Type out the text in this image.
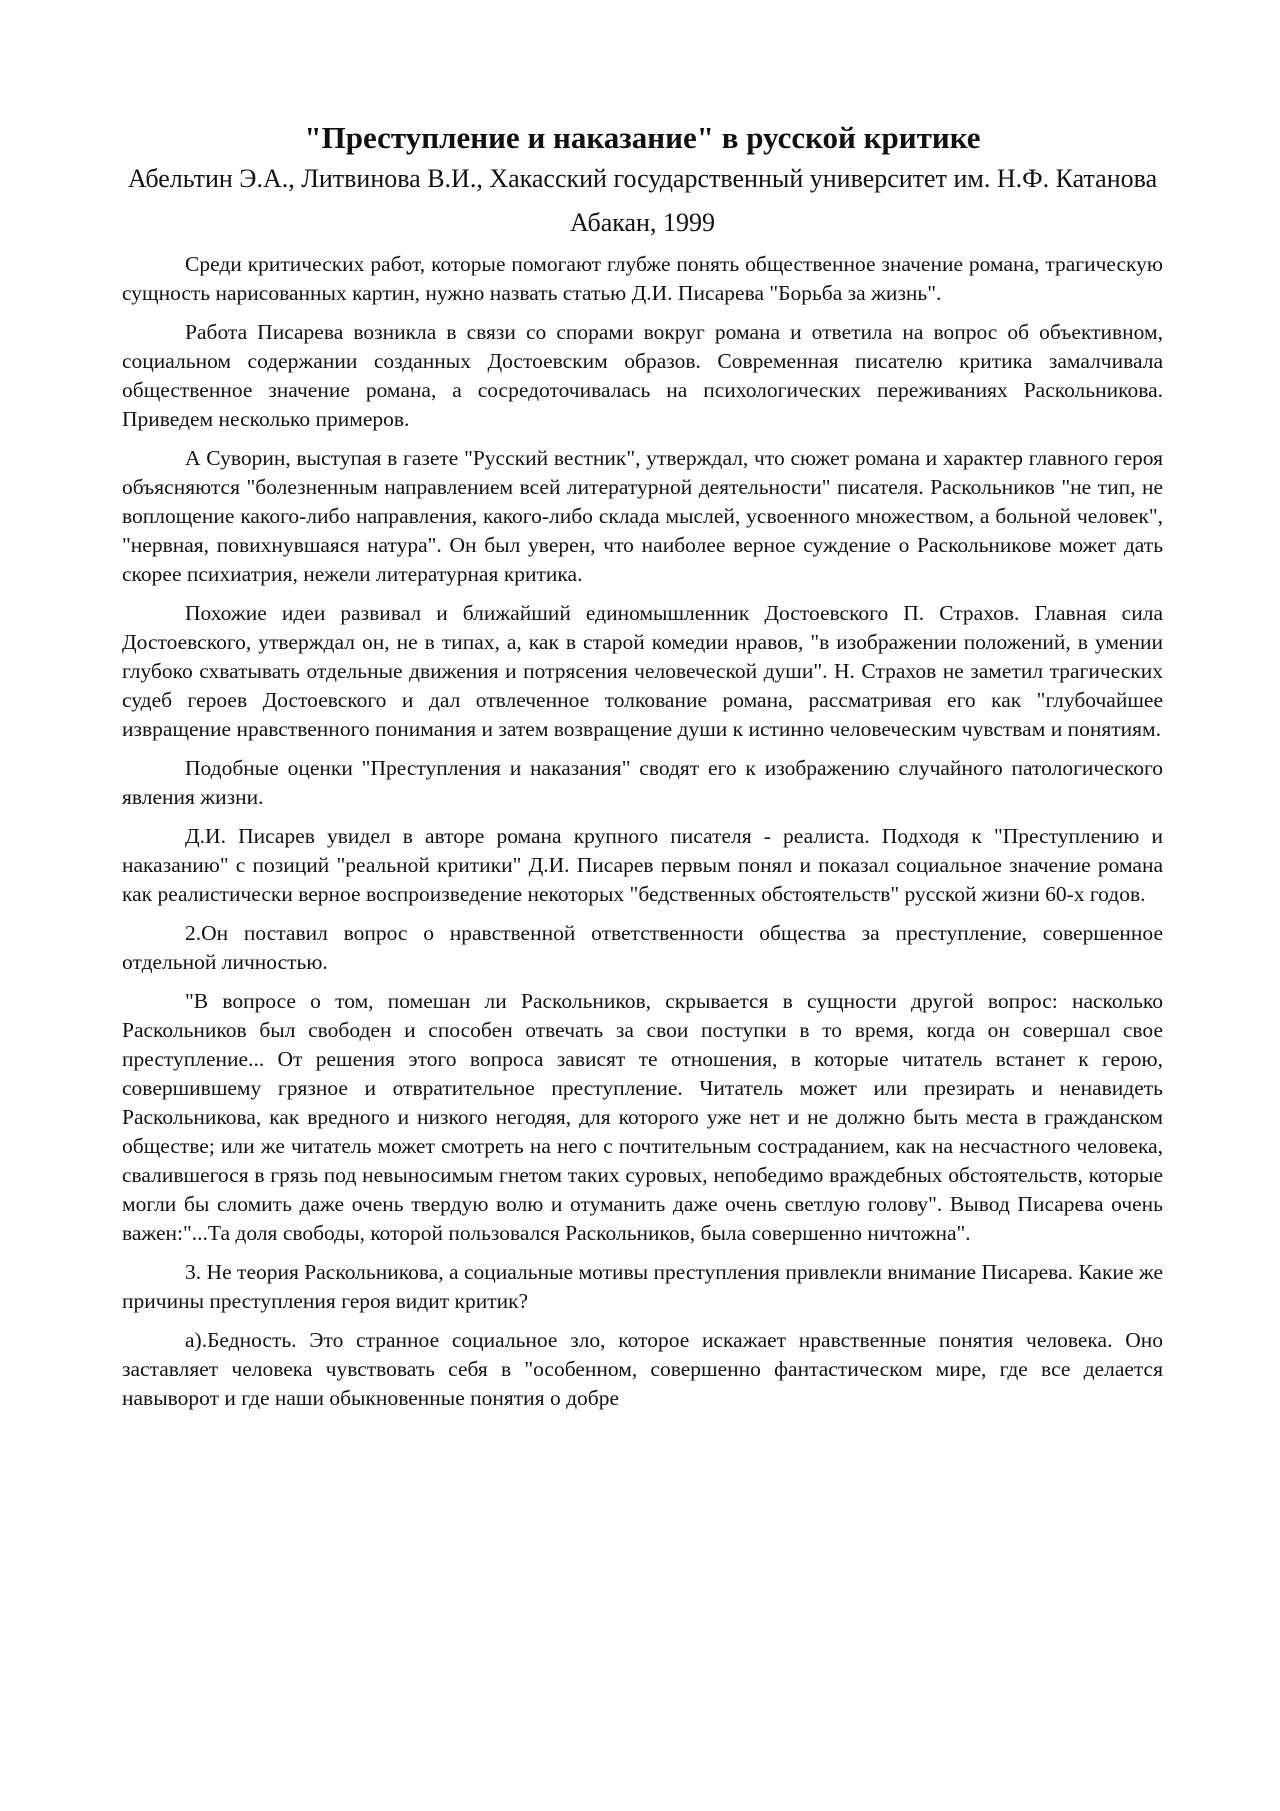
"Преступление и наказание" в русской критике
Абельтин Э.А., Литвинова В.И., Хакасский государственный университет им. Н.Ф. Катанова
Абакан, 1999

Среди критических работ, которые помогают глубже понять общественное значение романа, трагическую сущность нарисованных картин, нужно назвать статью Д.И. Писарева "Борьба за жизнь".

Работа Писарева возникла в связи со спорами вокруг романа и ответила на вопрос об объективном, социальном содержании созданных Достоевским образов. Современная писателю критика замалчивала общественное значение романа, а сосредоточивалась на психологических переживаниях Раскольникова. Приведем несколько примеров.

А Суворин, выступая в газете "Русский вестник", утверждал, что сюжет романа и характер главного героя объясняются "болезненным направлением всей литературной деятельности" писателя. Раскольников "не тип, не воплощение какого-либо направления, какого-либо склада мыслей, усвоенного множеством, а больной человек", "нервная, повихнувшаяся натура". Он был уверен, что наиболее верное суждение о Раскольникове может дать скорее психиатрия, нежели литературная критика.

Похожие идеи развивал и ближайший единомышленник Достоевского П. Страхов. Главная сила Достоевского, утверждал он, не в типах, а, как в старой комедии нравов, "в изображении положений, в умении глубоко схватывать отдельные движения и потрясения человеческой души". Н. Страхов не заметил трагических судеб героев Достоевского и дал отвлеченное толкование романа, рассматривая его как "глубочайшее извращение нравственного понимания и затем возвращение души к истинно человеческим чувствам и понятиям.

Подобные оценки "Преступления и наказания" сводят его к изображению случайного патологического явления жизни.

Д.И. Писарев увидел в авторе романа крупного писателя - реалиста. Подходя к "Преступлению и наказанию" с позиций "реальной критики" Д.И. Писарев первым понял и показал социальное значение романа как реалистически верное воспроизведение некоторых "бедственных обстоятельств" русской жизни 60-х годов.

2.Он поставил вопрос о нравственной ответственности общества за преступление, совершенное отдельной личностью.

"В вопросе о том, помешан ли Раскольников, скрывается в сущности другой вопрос: насколько Раскольников был свободен и способен отвечать за свои поступки в то время, когда он совершал свое преступление... От решения этого вопроса зависят те отношения, в которые читатель встанет к герою, совершившему грязное и отвратительное преступление. Читатель может или презирать и ненавидеть Раскольникова, как вредного и низкого негодяя, для которого уже нет и не должно быть места в гражданском обществе; или же читатель может смотреть на него с почтительным состраданием, как на несчастного человека, свалившегося в грязь под невыносимым гнетом таких суровых, непобедимо враждебных обстоятельств, которые могли бы сломить даже очень твердую волю и отуманить даже очень светлую голову". Вывод Писарева очень важен:"...Та доля свободы, которой пользовался Раскольников, была совершенно ничтожна".

3. Не теория Раскольникова, а социальные мотивы преступления привлекли внимание Писарева. Какие же причины преступления героя видит критик?

а).Бедность. Это странное социальное зло, которое искажает нравственные понятия человека. Оно заставляет человека чувствовать себя в "особенном, совершенно фантастическом мире, где все делается навыворот и где наши обыкновенные понятия о добре
